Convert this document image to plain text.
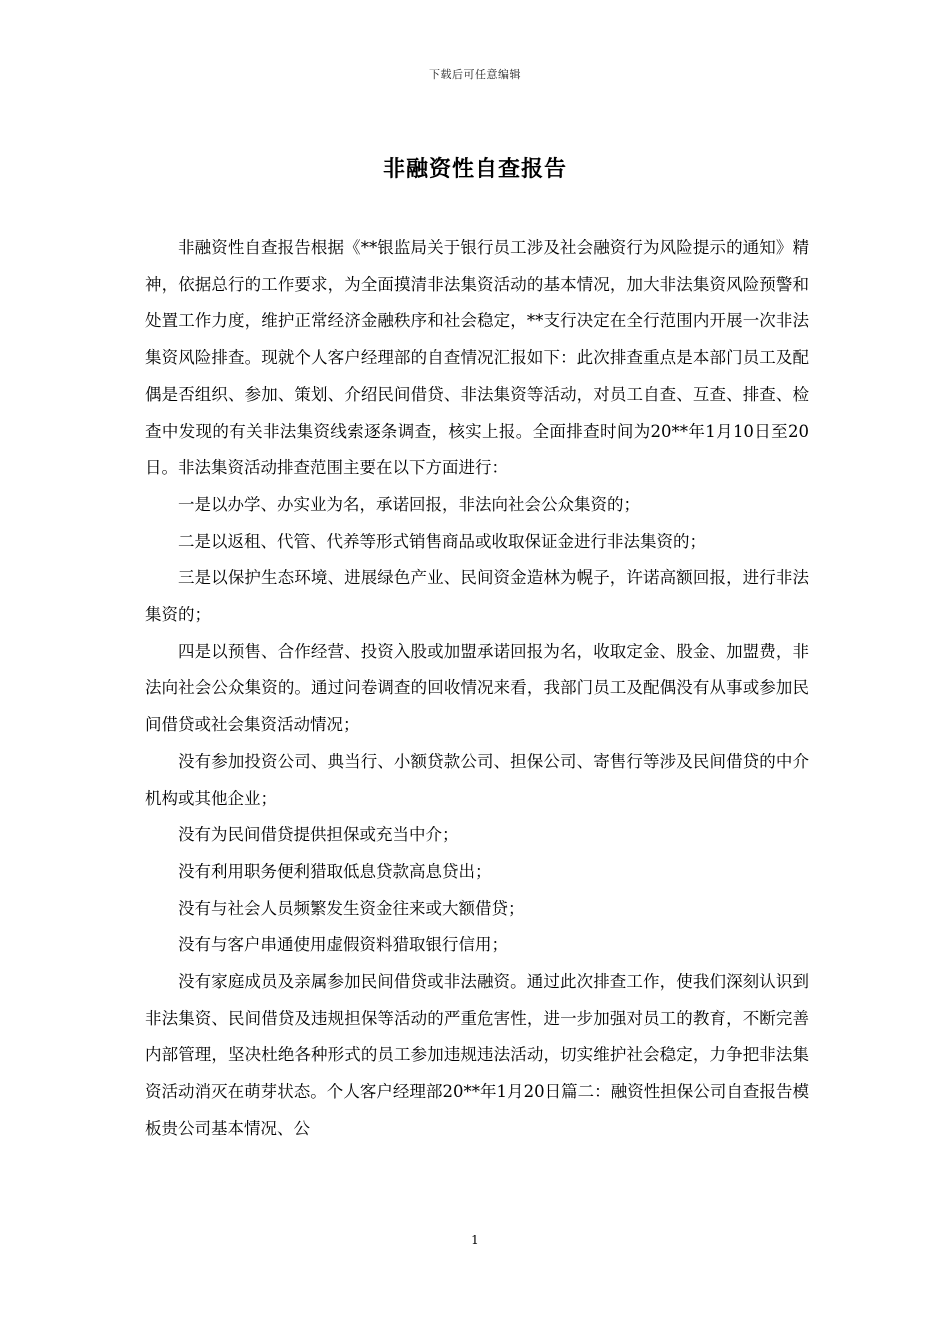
下载后可任意编辑
非融资性自查报告

非融资性自查报告根据《**银监局关于银行员工涉及社会融资行为风险提示的通知》精神，依据总行的工作要求，为全面摸清非法集资活动的基本情况，加大非法集资风险预警和处置工作力度，维护正常经济金融秩序和社会稳定，**支行决定在全行范围内开展一次非法集资风险排查。现就个人客户经理部的自查情况汇报如下：此次排查重点是本部门员工及配偶是否组织、参加、策划、介绍民间借贷、非法集资等活动，对员工自查、互查、排查、检查中发现的有关非法集资线索逐条调查，核实上报。全面排查时间为20**年1月10日至20日。非法集资活动排查范围主要在以下方面进行：

一是以办学、办实业为名，承诺回报，非法向社会公众集资的；

二是以返租、代管、代养等形式销售商品或收取保证金进行非法集资的；

三是以保护生态环境、进展绿色产业、民间资金造林为幌子，许诺高额回报，进行非法集资的；

四是以预售、合作经营、投资入股或加盟承诺回报为名，收取定金、股金、加盟费，非法向社会公众集资的。通过问卷调查的回收情况来看，我部门员工及配偶没有从事或参加民间借贷或社会集资活动情况；

没有参加投资公司、典当行、小额贷款公司、担保公司、寄售行等涉及民间借贷的中介机构或其他企业；

没有为民间借贷提供担保或充当中介；

没有利用职务便利猎取低息贷款高息贷出；

没有与社会人员频繁发生资金往来或大额借贷；

没有与客户串通使用虚假资料猎取银行信用；

没有家庭成员及亲属参加民间借贷或非法融资。通过此次排查工作，使我们深刻认识到非法集资、民间借贷及违规担保等活动的严重危害性，进一步加强对员工的教育，不断完善内部管理，坚决杜绝各种形式的员工参加违规违法活动，切实维护社会稳定，力争把非法集资活动消灭在萌芽状态。个人客户经理部20**年1月20日篇二：融资性担保公司自查报告模板贵公司基本情况、公

1
